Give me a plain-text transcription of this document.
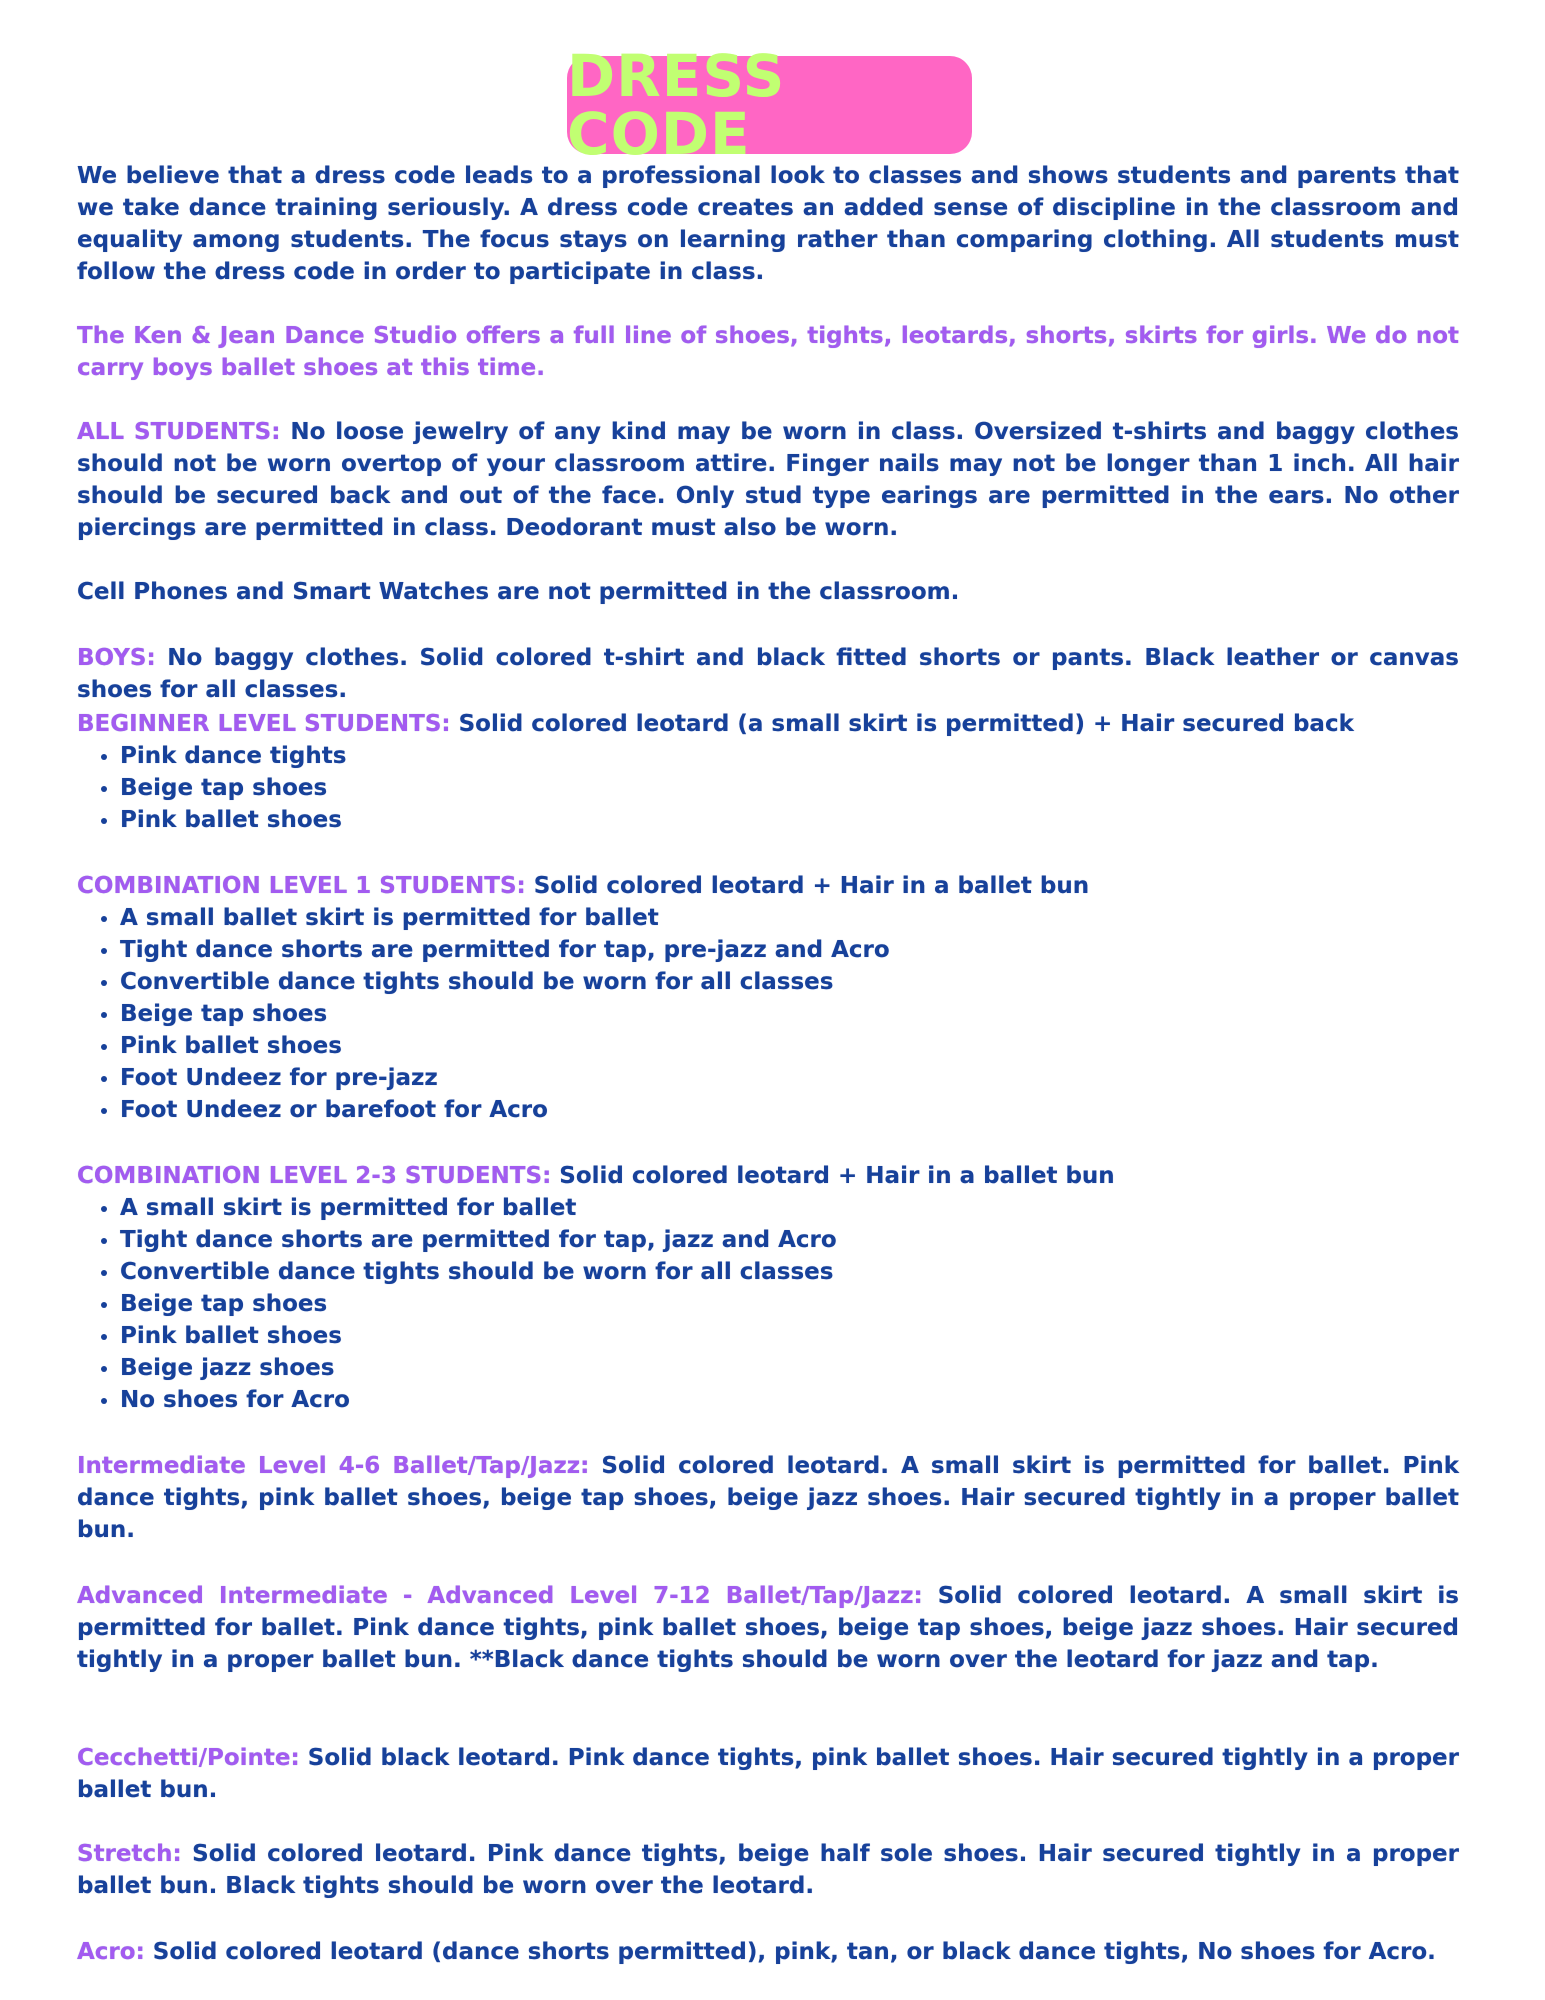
DRESS CODE

We believe that a dress code leads to a professional look to classes and shows students and parents that we take dance training seriously. A dress code creates an added sense of discipline in the classroom and equality among students. The focus stays on learning rather than comparing clothing. All students must follow the dress code in order to participate in class.

The Ken & Jean Dance Studio offers a full line of shoes, tights, leotards, shorts, skirts for girls. We do not carry boys ballet shoes at this time.

ALL STUDENTS: No loose jewelry of any kind may be worn in class. Oversized t-shirts and baggy clothes should not be worn overtop of your classroom attire. Finger nails may not be longer than 1 inch. All hair should be secured back and out of the face. Only stud type earings are permitted in the ears. No other piercings are permitted in class. Deodorant must also be worn.

Cell Phones and Smart Watches are not permitted in the classroom.

BOYS: No baggy clothes. Solid colored t-shirt and black fitted shorts or pants. Black leather or canvas shoes for all classes.

BEGINNER LEVEL STUDENTS: Solid colored leotard (a small skirt is permitted) + Hair secured back

• Pink dance tights
• Beige tap shoes
• Pink ballet shoes

COMBINATION LEVEL 1 STUDENTS: Solid colored leotard + Hair in a ballet bun

• A small ballet skirt is permitted for ballet
• Tight dance shorts are permitted for tap, pre-jazz and Acro
• Convertible dance tights should be worn for all classes
• Beige tap shoes
• Pink ballet shoes
• Foot Undeez for pre-jazz
• Foot Undeez or barefoot for Acro

COMBINATION LEVEL 2-3 STUDENTS: Solid colored leotard + Hair in a ballet bun

• A small skirt is permitted for ballet
• Tight dance shorts are permitted for tap, jazz and Acro
• Convertible dance tights should be worn for all classes
• Beige tap shoes
• Pink ballet shoes
• Beige jazz shoes
• No shoes for Acro

Intermediate Level 4-6 Ballet/Tap/Jazz: Solid colored leotard. A small skirt is permitted for ballet. Pink dance tights, pink ballet shoes, beige tap shoes, beige jazz shoes. Hair secured tightly in a proper ballet bun.

Advanced Intermediate - Advanced Level 7-12 Ballet/Tap/Jazz: Solid colored leotard. A small skirt is permitted for ballet. Pink dance tights, pink ballet shoes, beige tap shoes, beige jazz shoes. Hair secured tightly in a proper ballet bun. **Black dance tights should be worn over the leotard for jazz and tap.

Cecchetti/Pointe: Solid black leotard. Pink dance tights, pink ballet shoes. Hair secured tightly in a proper ballet bun.

Stretch: Solid colored leotard. Pink dance tights, beige half sole shoes. Hair secured tightly in a proper ballet bun. Black tights should be worn over the leotard.

Acro: Solid colored leotard (dance shorts permitted), pink, tan, or black dance tights, No shoes for Acro.
